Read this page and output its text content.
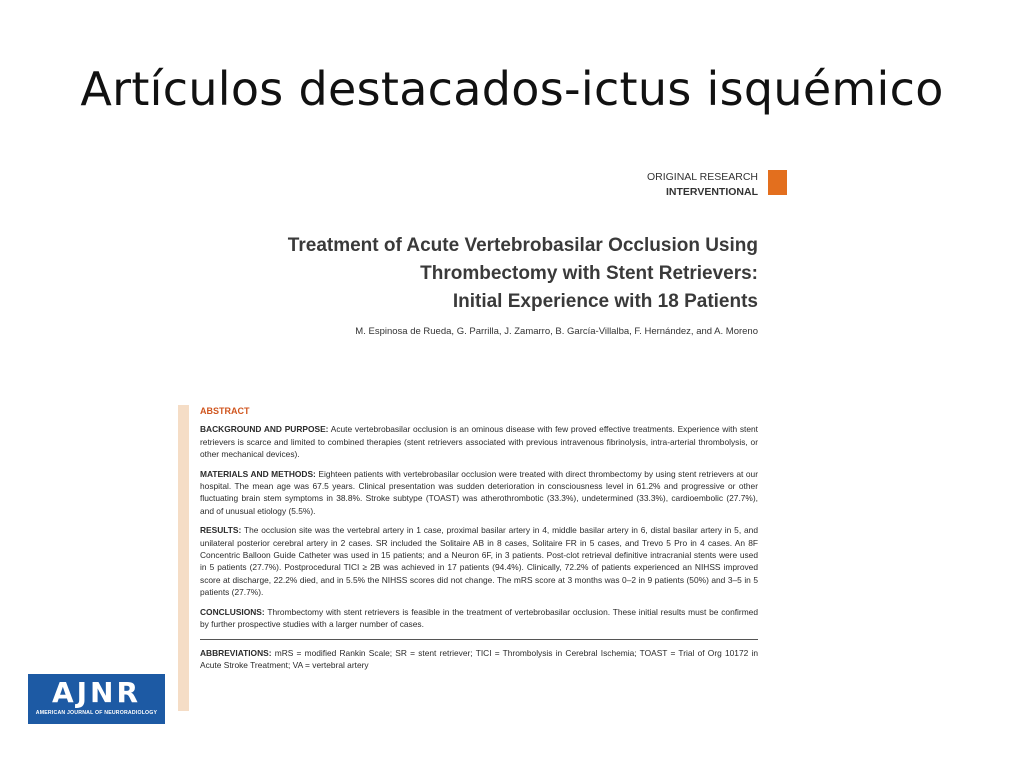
Artículos destacados-ictus isquémico
ORIGINAL RESEARCH
INTERVENTIONAL
Treatment of Acute Vertebrobasilar Occlusion Using
Thrombectomy with Stent Retrievers:
Initial Experience with 18 Patients
M. Espinosa de Rueda, G. Parrilla, J. Zamarro, B. García-Villalba, F. Hernández, and A. Moreno
ABSTRACT

BACKGROUND AND PURPOSE: Acute vertebrobasilar occlusion is an ominous disease with few proved effective treatments. Experience with stent retrievers is scarce and limited to combined therapies (stent retrievers associated with previous intravenous fibrinolysis, intra-arterial thrombolysis, or other mechanical devices).

MATERIALS AND METHODS: Eighteen patients with vertebrobasilar occlusion were treated with direct thrombectomy by using stent retrievers at our hospital. The mean age was 67.5 years. Clinical presentation was sudden deterioration in consciousness level in 61.2% and progressive or other fluctuating brain stem symptoms in 38.8%. Stroke subtype (TOAST) was atherothrombotic (33.3%), undetermined (33.3%), cardioembolic (27.7%), and of unusual etiology (5.5%).

RESULTS: The occlusion site was the vertebral artery in 1 case, proximal basilar artery in 4, middle basilar artery in 6, distal basilar artery in 5, and unilateral posterior cerebral artery in 2 cases. SR included the Solitaire AB in 8 cases, Solitaire FR in 5 cases, and Trevo 5 Pro in 4 cases. An 8F Concentric Balloon Guide Catheter was used in 15 patients; and a Neuron 6F, in 3 patients. Post-clot retrieval definitive intracranial stents were used in 5 patients (27.7%). Postprocedural TICI ≥ 2B was achieved in 17 patients (94.4%). Clinically, 72.2% of patients experienced an NIHSS improved score at discharge, 22.2% died, and in 5.5% the NIHSS scores did not change. The mRS score at 3 months was 0–2 in 9 patients (50%) and 3–5 in 5 patients (27.7%).

CONCLUSIONS: Thrombectomy with stent retrievers is feasible in the treatment of vertebrobasilar occlusion. These initial results must be confirmed by further prospective studies with a larger number of cases.

ABBREVIATIONS: mRS = modified Rankin Scale; SR = stent retriever; TICI = Thrombolysis in Cerebral Ischemia; TOAST = Trial of Org 10172 in Acute Stroke Treatment; VA = vertebral artery
AJNR
AMERICAN JOURNAL OF NEURORADIOLOGY
